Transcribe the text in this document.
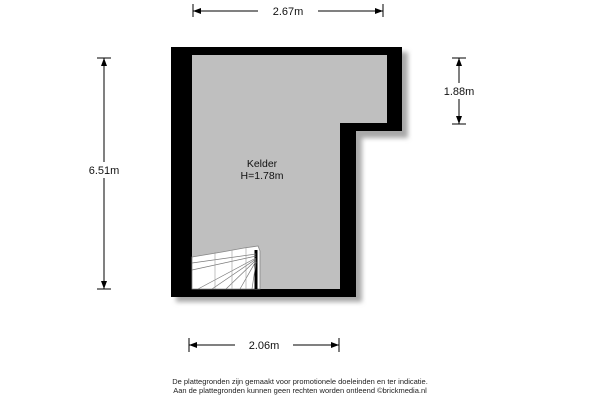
Kelder
H=1.78m
2.67m
6.51m
1.88m
2.06m
De plattegronden zijn gemaakt voor promotionele doeleinden en ter indicatie.
Aan de plattegronden kunnen geen rechten worden ontleend ©brickmedia.nl
